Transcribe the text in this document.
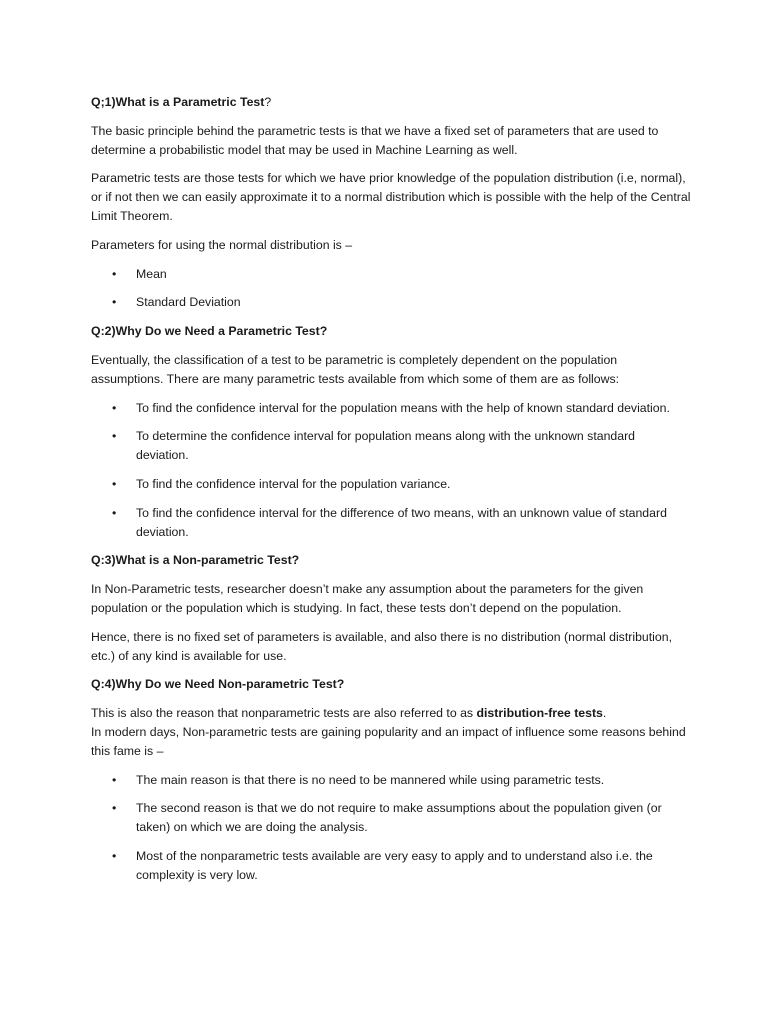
Q;1)What is a Parametric Test?

The basic principle behind the parametric tests is that we have a fixed set of parameters that are used to determine a probabilistic model that may be used in Machine Learning as well.

Parametric tests are those tests for which we have prior knowledge of the population distribution (i.e, normal), or if not then we can easily approximate it to a normal distribution which is possible with the help of the Central Limit Theorem.

Parameters for using the normal distribution is –

• Mean
• Standard Deviation
Q:2)Why Do we Need a Parametric Test?

Eventually, the classification of a test to be parametric is completely dependent on the population assumptions. There are many parametric tests available from which some of them are as follows:

• To find the confidence interval for the population means with the help of known standard deviation.
• To determine the confidence interval for population means along with the unknown standard deviation.
• To find the confidence interval for the population variance.
• To find the confidence interval for the difference of two means, with an unknown value of standard deviation.
Q:3)What is a Non-parametric Test?

In Non-Parametric tests, researcher doesn’t make any assumption about the parameters for the given population or the population which is studying. In fact, these tests don’t depend on the population.

Hence, there is no fixed set of parameters is available, and also there is no distribution (normal distribution, etc.) of any kind is available for use.

Q:4)Why Do we Need Non-parametric Test?

This is also the reason that nonparametric tests are also referred to as distribution-free tests.
In modern days, Non-parametric tests are gaining popularity and an impact of influence some reasons behind this fame is –

• The main reason is that there is no need to be mannered while using parametric tests.
• The second reason is that we do not require to make assumptions about the population given (or taken) on which we are doing the analysis.
• Most of the nonparametric tests available are very easy to apply and to understand also i.e. the complexity is very low.
